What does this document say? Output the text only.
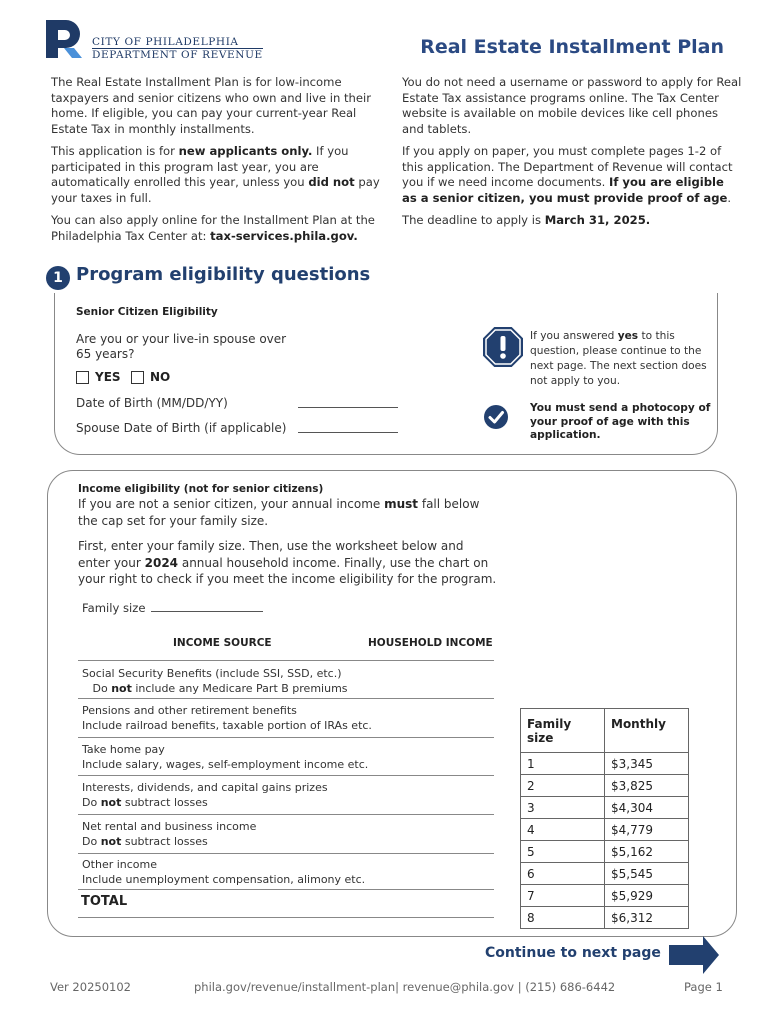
CITY OF PHILADELPHIA
DEPARTMENT OF REVENUE	Real Estate Installment Plan

The Real Estate Installment Plan is for low-income taxpayers and senior citizens who own and live in their home. If eligible, you can pay your current-year Real Estate Tax in monthly installments.

This application is for new applicants only. If you participated in this program last year, you are automatically enrolled this year, unless you did not pay your taxes in full.

You can also apply online for the Installment Plan at the Philadelphia Tax Center at: tax-services.phila.gov.

You do not need a username or password to apply for Real Estate Tax assistance programs online. The Tax Center website is available on mobile devices like cell phones and tablets.

If you apply on paper, you must complete pages 1-2 of this application. The Department of Revenue will contact you if we need income documents. If you are eligible as a senior citizen, you must provide proof of age.

The deadline to apply is March 31, 2025.

1 Program eligibility questions
Senior Citizen Eligibility
Are you or your live-in spouse over 65 years?
YES NO
Date of Birth (MM/DD/YY)
Spouse Date of Birth (if applicable)
If you answered yes to this question, please continue to the next page. The next section does not apply to you.
You must send a photocopy of your proof of age with this application.
Income eligibility (not for senior citizens)
If you are not a senior citizen, your annual income must fall below the cap set for your family size.
First, enter your family size. Then, use the worksheet below and enter your 2024 annual household income. Finally, use the chart on your right to check if you meet the income eligibility for the program.
Family size
INCOME SOURCE	HOUSEHOLD INCOME
Social Security Benefits (include SSI, SSD, etc.)
Do not include any Medicare Part B premiums
Pensions and other retirement benefits
Include railroad benefits, taxable portion of IRAs etc.
Take home pay
Include salary, wages, self-employment income etc.
Interests, dividends, and capital gains prizes
Do not subtract losses
Net rental and business income
Do not subtract losses
Other income
Include unemployment compensation, alimony etc.
TOTAL
Family size	Monthly
1	$3,345
2	$3,825
3	$4,304
4	$4,779
5	$5,162
6	$5,545
7	$5,929
8	$6,312
Continue to next page
Ver 20250102	phila.gov/revenue/installment-plan| revenue@phila.gov | (215) 686-6442	Page 1
